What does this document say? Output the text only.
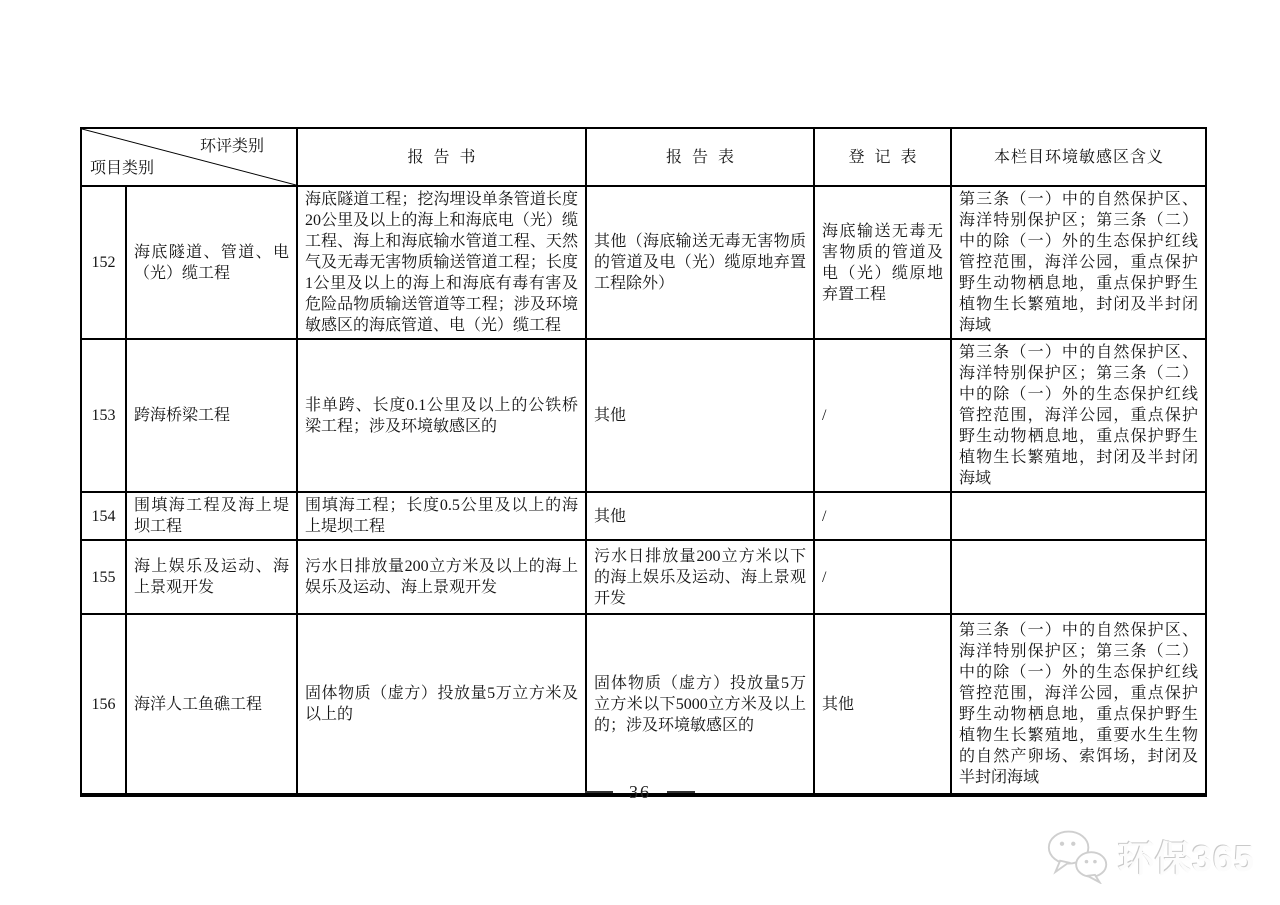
环评类别
项目类别		报告书	报告表	登记表	本栏目环境敏感区含义
152	海底隧道、管道、电（光）缆工程	海底隧道工程；挖沟埋设单条管道长度20公里及以上的海上和海底电（光）缆工程、海上和海底输水管道工程、天然气及无毒无害物质输送管道工程；长度1公里及以上的海上和海底有毒有害及危险品物质输送管道等工程；涉及环境敏感区的海底管道、电（光）缆工程	其他（海底输送无毒无害物质的管道及电（光）缆原地弃置工程除外）	海底输送无毒无害物质的管道及电（光）缆原地弃置工程	第三条（一）中的自然保护区、海洋特别保护区；第三条（二）中的除（一）外的生态保护红线管控范围，海洋公园，重点保护野生动物栖息地，重点保护野生植物生长繁殖地，封闭及半封闭海域
153	跨海桥梁工程	非单跨、长度0.1公里及以上的公铁桥梁工程；涉及环境敏感区的	其他	/	第三条（一）中的自然保护区、海洋特别保护区；第三条（二）中的除（一）外的生态保护红线管控范围，海洋公园，重点保护野生动物栖息地，重点保护野生植物生长繁殖地，封闭及半封闭海域
154	围填海工程及海上堤坝工程	围填海工程；长度0.5公里及以上的海上堤坝工程	其他	/	
155	海上娱乐及运动、海上景观开发	污水日排放量200立方米及以上的海上娱乐及运动、海上景观开发	污水日排放量200立方米以下的海上娱乐及运动、海上景观开发	/	
156	海洋人工鱼礁工程	固体物质（虚方）投放量5万立方米及以上的	固体物质（虚方）投放量5万立方米以下5000立方米及以上的；涉及环境敏感区的	其他	第三条（一）中的自然保护区、海洋特别保护区；第三条（二）中的除（一）外的生态保护红线管控范围，海洋公园，重点保护野生动物栖息地，重点保护野生植物生长繁殖地，重要水生生物的自然产卵场、索饵场，封闭及半封闭海域
36
环保365
